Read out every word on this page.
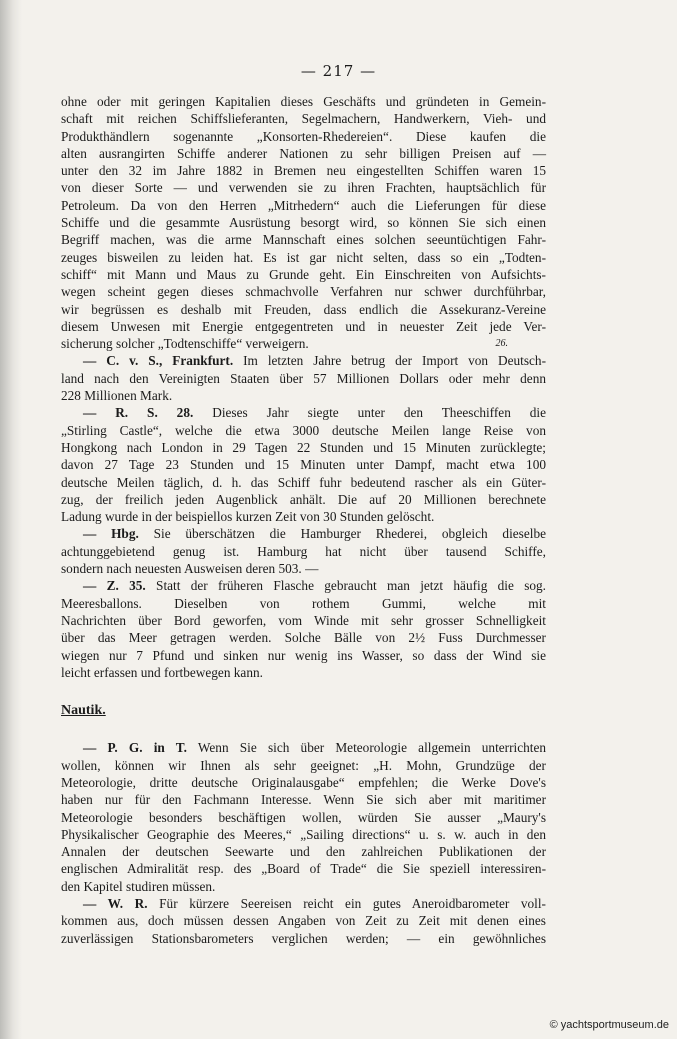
— 217 —
ohne oder mit geringen Kapitalien dieses Geschäfts und gründeten in Gemein-
schaft mit reichen Schiffslieferanten, Segelmachern, Handwerkern, Vieh- und
Produkthändlern sogenannte „Konsorten-Rhedereien“. Diese kaufen die
alten ausrangirten Schiffe anderer Nationen zu sehr billigen Preisen auf —
unter den 32 im Jahre 1882 in Bremen neu eingestellten Schiffen waren 15
von dieser Sorte — und verwenden sie zu ihren Frachten, hauptsächlich für
Petroleum. Da von den Herren „Mitrhedern“ auch die Lieferungen für diese
Schiffe und die gesammte Ausrüstung besorgt wird, so können Sie sich einen
Begriff machen, was die arme Mannschaft eines solchen seeuntüchtigen Fahr-
zeuges bisweilen zu leiden hat. Es ist gar nicht selten, dass so ein „Todten-
schiff“ mit Mann und Maus zu Grunde geht. Ein Einschreiten von Aufsichts-
wegen scheint gegen dieses schmachvolle Verfahren nur schwer durchführbar,
wir begrüssen es deshalb mit Freuden, dass endlich die Assekuranz-Vereine
diesem Unwesen mit Energie entgegentreten und in neuester Zeit jede Ver-
sicherung solcher „Todtenschiffe“ verweigern.	26.
— C. v. S., Frankfurt. Im letzten Jahre betrug der Import von Deutsch-
land nach den Vereinigten Staaten über 57 Millionen Dollars oder mehr denn
228 Millionen Mark.
— R. S. 28. Dieses Jahr siegte unter den Theeschiffen die
„Stirling Castle“, welche die etwa 3000 deutsche Meilen lange Reise von
Hongkong nach London in 29 Tagen 22 Stunden und 15 Minuten zurücklegte;
davon 27 Tage 23 Stunden und 15 Minuten unter Dampf, macht etwa 100
deutsche Meilen täglich, d. h. das Schiff fuhr bedeutend rascher als ein Güter-
zug, der freilich jeden Augenblick anhält. Die auf 20 Millionen berechnete
Ladung wurde in der beispiellos kurzen Zeit von 30 Stunden gelöscht.
— Hbg. Sie überschätzen die Hamburger Rhederei, obgleich dieselbe
achtunggebietend genug ist. Hamburg hat nicht über tausend Schiffe,
sondern nach neuesten Ausweisen deren 503. —
— Z. 35. Statt der früheren Flasche gebraucht man jetzt häufig die sog.
Meeresballons. Dieselben von rothem Gummi, welche mit
Nachrichten über Bord geworfen, vom Winde mit sehr grosser Schnelligkeit
über das Meer getragen werden. Solche Bälle von 2½ Fuss Durchmesser
wiegen nur 7 Pfund und sinken nur wenig ins Wasser, so dass der Wind sie
leicht erfassen und fortbewegen kann.
Nautik.
— P. G. in T. Wenn Sie sich über Meteorologie allgemein unterrichten
wollen, können wir Ihnen als sehr geeignet: „H. Mohn, Grundzüge der
Meteorologie, dritte deutsche Originalausgabe“ empfehlen; die Werke Dove's
haben nur für den Fachmann Interesse. Wenn Sie sich aber mit maritimer
Meteorologie besonders beschäftigen wollen, würden Sie ausser „Maury's
Physikalischer Geographie des Meeres,“ „Sailing directions“ u. s. w. auch in den
Annalen der deutschen Seewarte und den zahlreichen Publikationen der
englischen Admiralität resp. des „Board of Trade“ die Sie speziell interessiren-
den Kapitel studiren müssen.
— W. R. Für kürzere Seereisen reicht ein gutes Aneroidbarometer voll-
kommen aus, doch müssen dessen Angaben von Zeit zu Zeit mit denen eines
zuverlässigen Stationsbarometers verglichen werden; — ein gewöhnliches
© yachtsportmuseum.de
